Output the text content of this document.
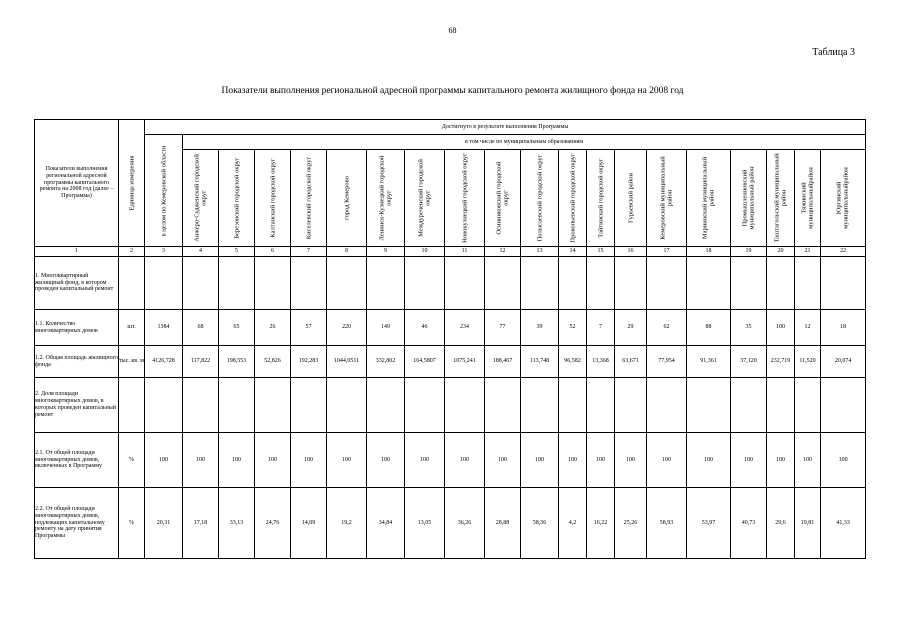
68
Таблица 3
Показатели выполнения региональной адресной программы капитального ремонта жилищного фонда на 2008 год
Показатели выполнения региональной адресной программы капитального ремонта на 2008 год (далее – Программа)	Единица измерения	Достигнуто в результате выполнения Программы																			

		в целом по Кемеровской области	в том числе по муниципальным образованиям																		

			Анжеро-Судженский городской округ	Березовский городской округ	Калтанский городской округ	Киселевский городской округ	город Кемерово	Ленинск-Кузнецкий городской округ	Междуреченский городской округ	Новокузнецкий городской округ	Осинниковский городской округ	Полысаевский городской округ	Прокопьевский городской округ	Тайгинский городской округ	Гурьевский район	Кемеровский муниципальный район	Мариинский муниципальный район	Промышленновский муниципальный район	Таштагольский муниципальный район	Тяжинский муниципальныйрайон	Юргинский муниципальныйрайон

1	2	3	4	5	6	7	8	9	10	11	12	13	14	15	16	17	18	19	20	21	22
1. Многоквартирный жилищный фонд, в котором проведен капитальный ремонт																					
1.1. Количество многоквартирных домов	шт.	1384	68	65	26	57	220	149	46	234	77	39	52	7	29	62	88	35	100	12	18
1.2. Общая площадь жилищного фонда	тыс. кв. м	4126,728	117,822	198,553	52,826	192,283	1044,0511	332,802	164,5807	1075,241	188,467	113,748	96,582	13,368	63,671	77,954	91,361	37,120	232,719	11,520	20,074
2. Доля площади многоквартирных домов, в которых проведен капитальный ремонт																					
2.1. От общей площади многоквартирных домов, включенных в Программу	%	100	100	100	100	100	100	100	100	100	100	100	100	100	100	100	100	100	100	100	100
2.2. От общей площади многоквартирных домов, подлежащих капитальному ремонту на дату принятия Программы	%	20,31	17,18	33,13	24,76	14,09	19,2	34,84	13,05	36,26	28,88	58,36	4,2	16,22	25,26	58,93	53,97	40,73	29,6	19,81	41,33
